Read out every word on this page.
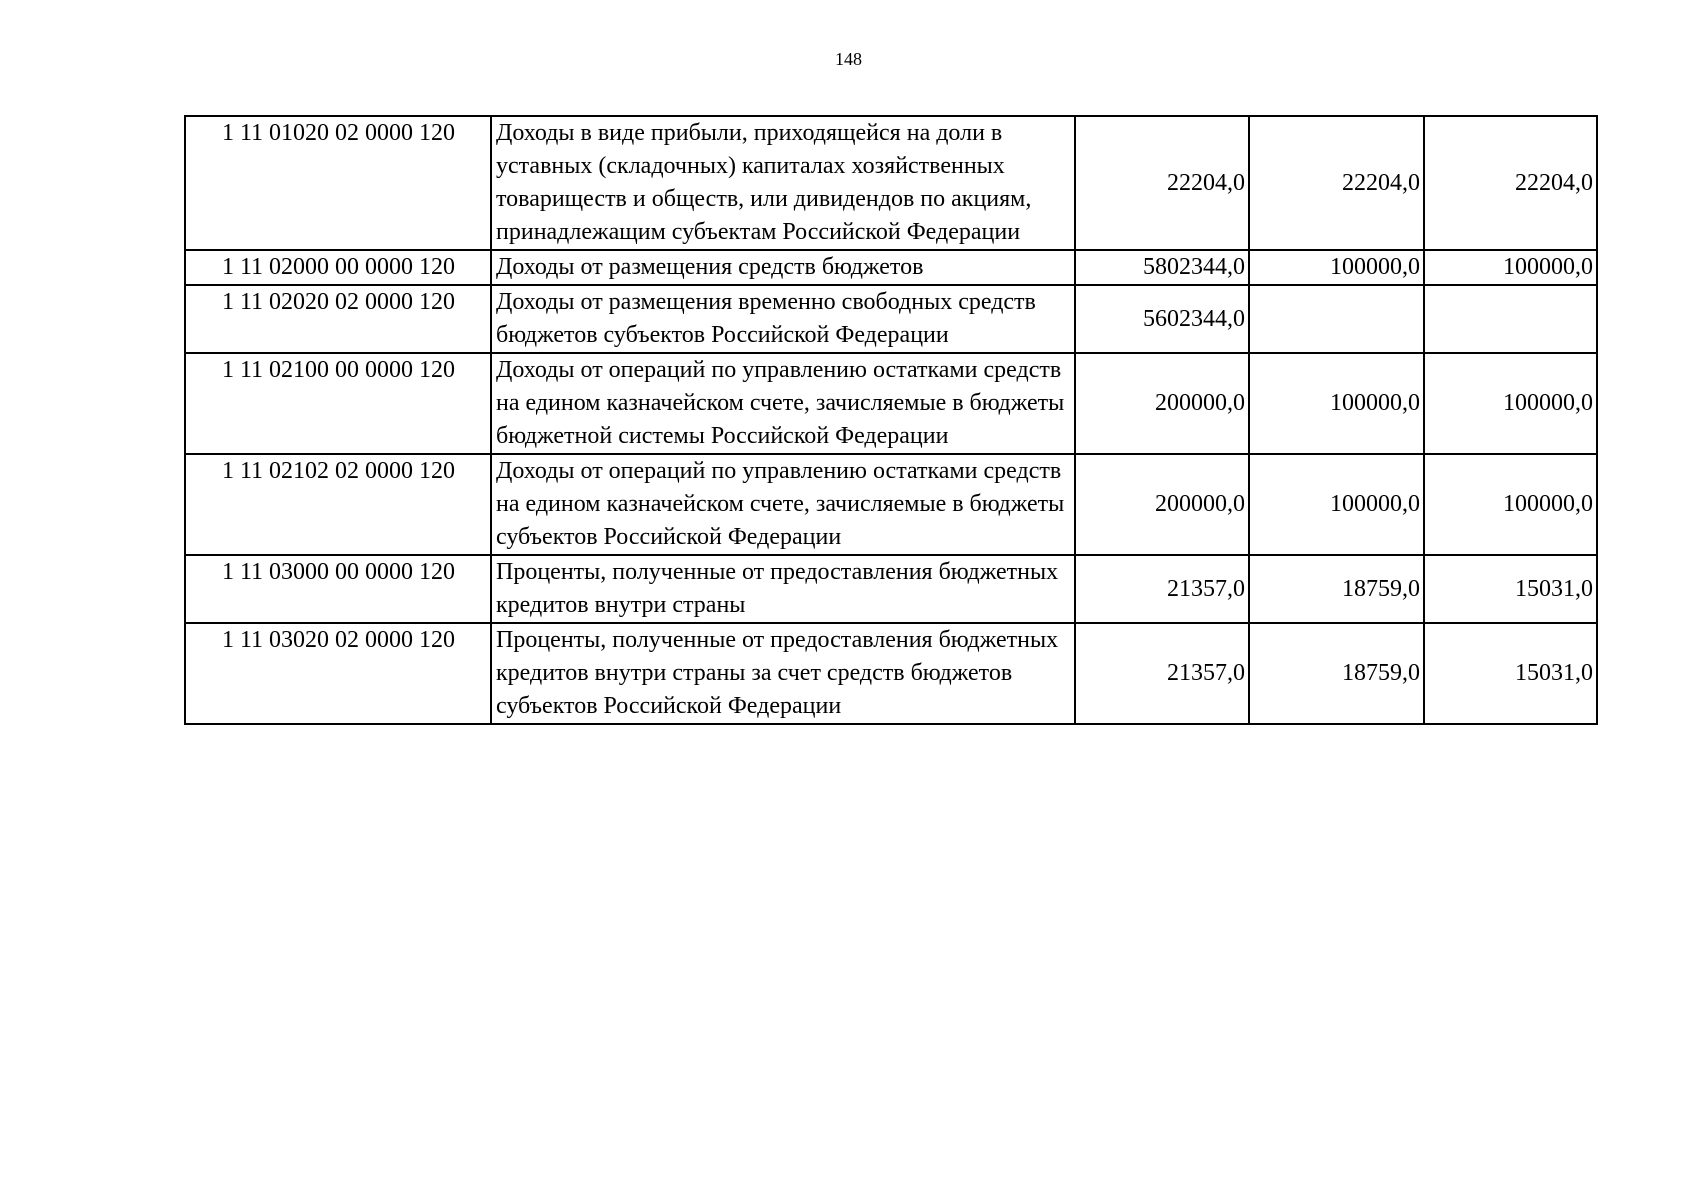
148
1 11 01020 02 0000 120	Доходы в виде прибыли, приходящейся на доли в уставных (складочных) капиталах хозяйственных товариществ и обществ, или дивидендов по акциям, принадлежащим субъектам Российской Федерации	22204,0	22204,0	22204,0
1 11 02000 00 0000 120	Доходы от размещения средств бюджетов	5802344,0	100000,0	100000,0
1 11 02020 02 0000 120	Доходы от размещения временно свободных средств бюджетов субъектов Российской Федерации	5602344,0		
1 11 02100 00 0000 120	Доходы от операций по управлению остатками средств на едином казначейском счете, зачисляемые в бюджеты бюджетной системы Российской Федерации	200000,0	100000,0	100000,0
1 11 02102 02 0000 120	Доходы от операций по управлению остатками средств на едином казначейском счете, зачисляемые в бюджеты субъектов Российской Федерации	200000,0	100000,0	100000,0
1 11 03000 00 0000 120	Проценты, полученные от предоставления бюджетных кредитов внутри страны	21357,0	18759,0	15031,0
1 11 03020 02 0000 120	Проценты, полученные от предоставления бюджетных кредитов внутри страны за счет средств бюджетов субъектов Российской Федерации	21357,0	18759,0	15031,0
